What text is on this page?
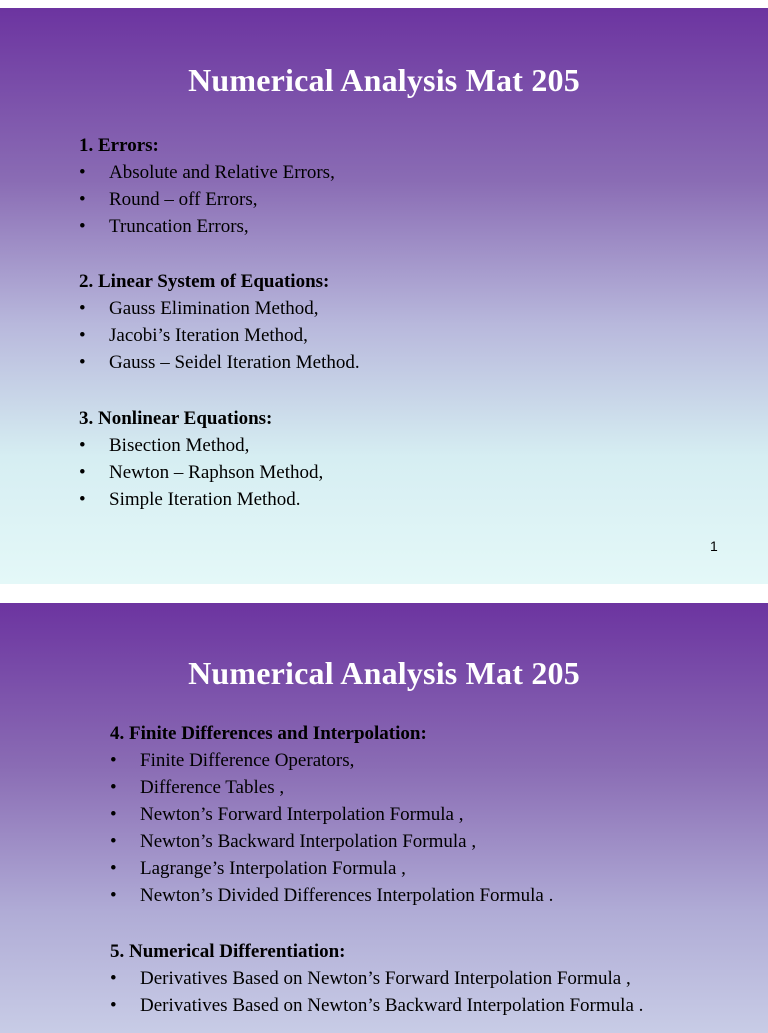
Numerical Analysis Mat 205
1. Errors:
• Absolute and Relative Errors,
• Round – off Errors,
• Truncation Errors,
2. Linear System of Equations:
• Gauss Elimination Method,
• Jacobi’s Iteration Method,
• Gauss – Seidel Iteration Method.
3. Nonlinear Equations:
• Bisection Method,
• Newton – Raphson Method,
• Simple Iteration Method.
1
Numerical Analysis Mat 205
4. Finite Differences and Interpolation:
• Finite Difference Operators,
• Difference Tables ,
• Newton’s Forward Interpolation Formula ,
• Newton’s Backward Interpolation Formula ,
• Lagrange’s Interpolation Formula ,
• Newton’s Divided Differences Interpolation Formula .
5. Numerical Differentiation:
• Derivatives Based on Newton’s Forward Interpolation Formula ,
• Derivatives Based on Newton’s Backward Interpolation Formula .
